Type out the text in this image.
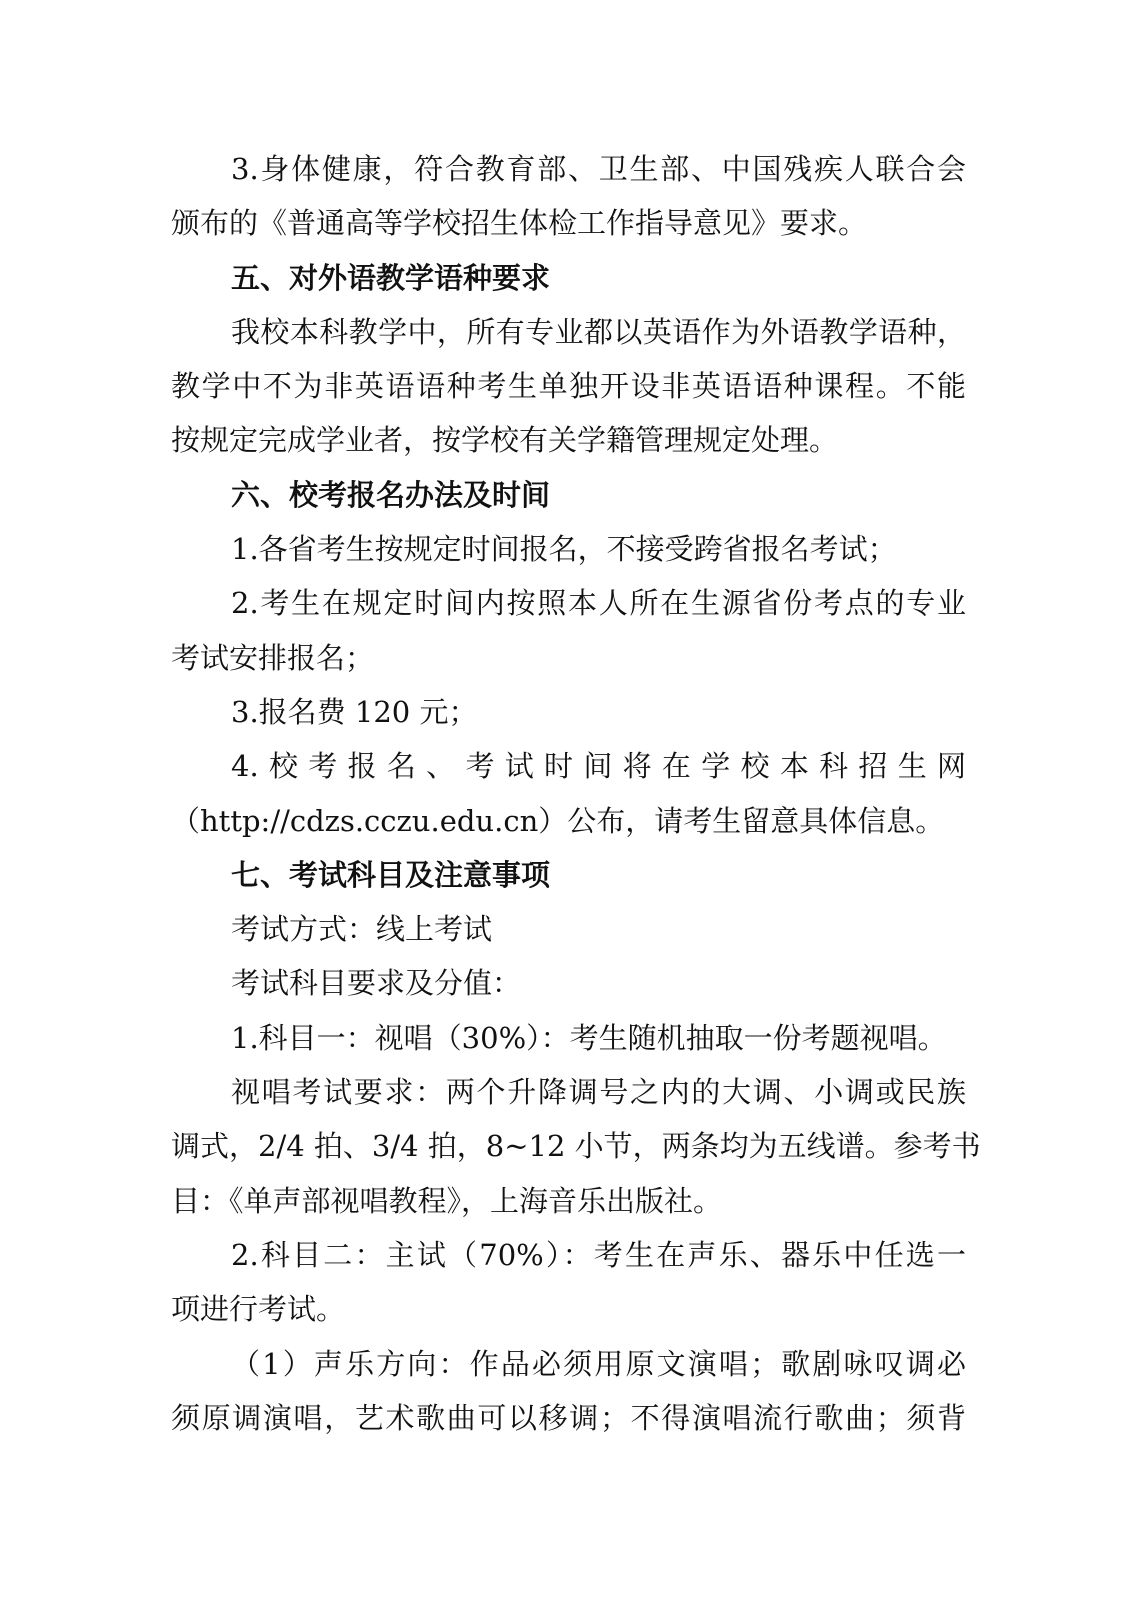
3.身体健康，符合教育部、卫生部、中国残疾人联合会
颁布的《普通高等学校招生体检工作指导意见》要求。
五、对外语教学语种要求
我校本科教学中，所有专业都以英语作为外语教学语种，
教学中不为非英语语种考生单独开设非英语语种课程。不能
按规定完成学业者，按学校有关学籍管理规定处理。
六、校考报名办法及时间
1.各省考生按规定时间报名，不接受跨省报名考试；
2.考生在规定时间内按照本人所在生源省份考点的专业
考试安排报名；
3.报名费 120 元；
4.校考报名、考试时间将在学校本科招生网
（http://cdzs.cczu.edu.cn）公布，请考生留意具体信息。
七、考试科目及注意事项
考试方式：线上考试
考试科目要求及分值：
1.科目一：视唱（30%）：考生随机抽取一份考题视唱。
视唱考试要求：两个升降调号之内的大调、小调或民族
调式，2/4 拍、3/4 拍，8~12 小节，两条均为五线谱。参考书
目：《单声部视唱教程》，上海音乐出版社。
2.科目二：主试（70%）：考生在声乐、器乐中任选一
项进行考试。
（1）声乐方向：作品必须用原文演唱；歌剧咏叹调必
须原调演唱，艺术歌曲可以移调；不得演唱流行歌曲；须背
